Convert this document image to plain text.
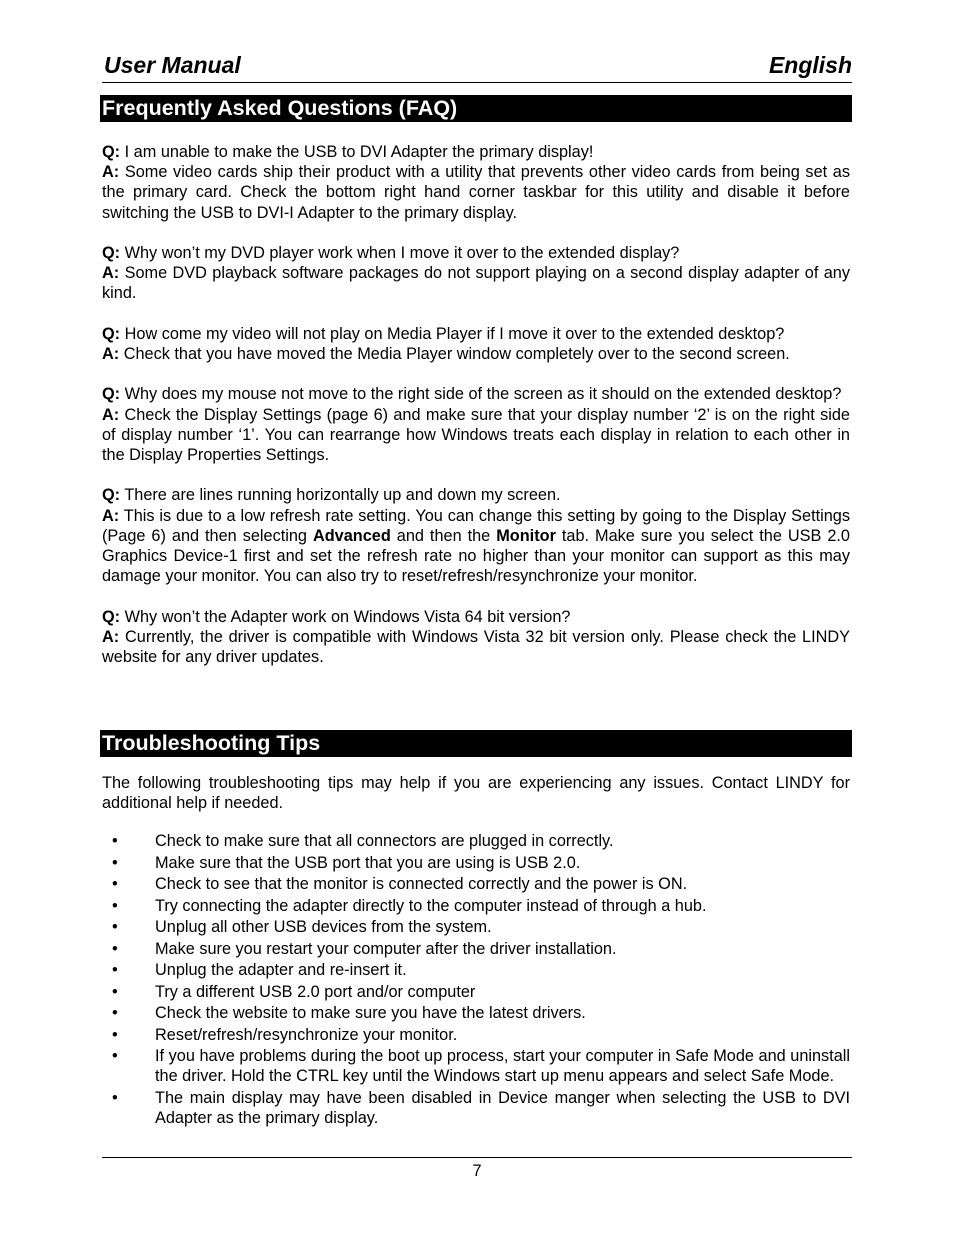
User Manual	English
Frequently Asked Questions (FAQ)

Q: I am unable to make the USB to DVI Adapter the primary display!

A: Some video cards ship their product with a utility that prevents other video cards from being set as the primary card. Check the bottom right hand corner taskbar for this utility and disable it before switching the USB to DVI-I Adapter to the primary display.

Q: Why won’t my DVD player work when I move it over to the extended display?

A: Some DVD playback software packages do not support playing on a second display adapter of any kind.

Q: How come my video will not play on Media Player if I move it over to the extended desktop?

A: Check that you have moved the Media Player window completely over to the second screen.

Q: Why does my mouse not move to the right side of the screen as it should on the extended desktop?

A: Check the Display Settings (page 6) and make sure that your display number ‘2’ is on the right side of display number ‘1’. You can rearrange how Windows treats each display in relation to each other in the Display Properties Settings.

Q: There are lines running horizontally up and down my screen.

A: This is due to a low refresh rate setting. You can change this setting by going to the Display Settings (Page 6) and then selecting Advanced and then the Monitor tab. Make sure you select the USB 2.0 Graphics Device-1 first and set the refresh rate no higher than your monitor can support as this may damage your monitor. You can also try to reset/refresh/resynchronize your monitor.

Q: Why won’t the Adapter work on Windows Vista 64 bit version?

A: Currently, the driver is compatible with Windows Vista 32 bit version only. Please check the LINDY website for any driver updates.

Troubleshooting Tips
The following troubleshooting tips may help if you are experiencing any issues. Contact LINDY for additional help if needed.
• Check to make sure that all connectors are plugged in correctly.
• Make sure that the USB port that you are using is USB 2.0.
• Check to see that the monitor is connected correctly and the power is ON.
• Try connecting the adapter directly to the computer instead of through a hub.
• Unplug all other USB devices from the system.
• Make sure you restart your computer after the driver installation.
• Unplug the adapter and re-insert it.
• Try a different USB 2.0 port and/or computer
• Check the website to make sure you have the latest drivers.
• Reset/refresh/resynchronize your monitor.
• If you have problems during the boot up process, start your computer in Safe Mode and uninstall the driver. Hold the CTRL key until the Windows start up menu appears and select Safe Mode.
• The main display may have been disabled in Device manger when selecting the USB to DVI Adapter as the primary display.
7
